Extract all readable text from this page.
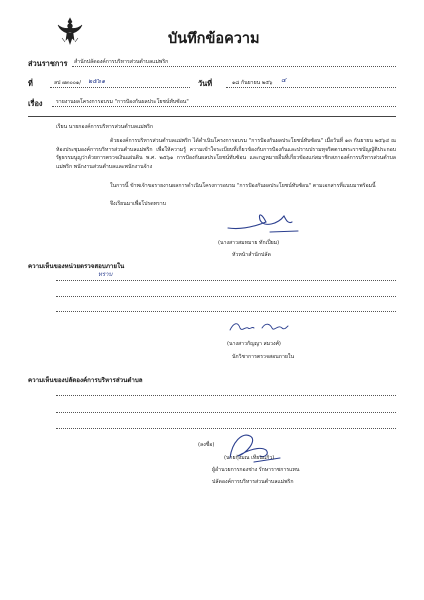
บันทึกข้อความ
ส่วนราชการ สำนักปลัดองค์การบริหารส่วนตำบลแม่พริก
ที่	ลป ๗๓๐๐๑/ ๒๕๖๑	วันที่	๑๘ กันยายน ๒๕๖ ๔
เรื่อง	รายงานผลโครงการอบรม "การป้องกันผลประโยชน์ทับซ้อน"
เรียน นายกองค์การบริหารส่วนตำบลแม่พริก
ด้วยองค์การบริหารส่วนตำบลแม่พริก ได้ดำเนินโครงการอบรม "การป้องกันผลประโยชน์ทับซ้อน" เมื่อวันที่ ๑๓ กันยายน ๒๕๖๔ ณ ห้องประชุมองค์การบริหารส่วนตำบลแม่พริก เพื่อให้ความรู้ ความเข้าใจระเบียบที่เกี่ยวข้องกับการป้องกันและปราบปรามทุจริตตามพระราชบัญญัติประกอบรัฐธรรมนูญว่าด้วยการตรวจเงินแผ่นดิน พ.ศ. ๒๕๖๑ การป้องกันผลประโยชน์ทับซ้อน และกฎหมายอื่นที่เกี่ยวข้องแก่สมาชิกสภาองค์การบริหารส่วนตำบลแม่พริก พนักงานส่วนตำบลและพนักงานจ้าง
ในการนี้ ข้าพเจ้าขอรายงานผลการดำเนินโครงการอบรม "การป้องกันผลประโยชน์ทับซ้อน" ตามเอกสารที่แนบมาพร้อมนี้
จึงเรียนมาเพื่อโปรดทราบ
(นางสาวสมหมาย ทักเปี่ยม)
หัวหน้าสำนักปลัด
ความเห็นของหน่วยตรวจสอบภายใน
ทราบ
(นางสาวกัญญา สมวงศ์)
นักวิชาการตรวจสอบภายใน
ความเห็นของปลัดองค์การบริหารส่วนตำบล
(ลงชื่อ)
(นายกุ้งมณ เทียนแก้ว)
ผู้อำนวยการกองช่าง รักษาราชการแทน
ปลัดองค์การบริหารส่วนตำบลแม่พริก
